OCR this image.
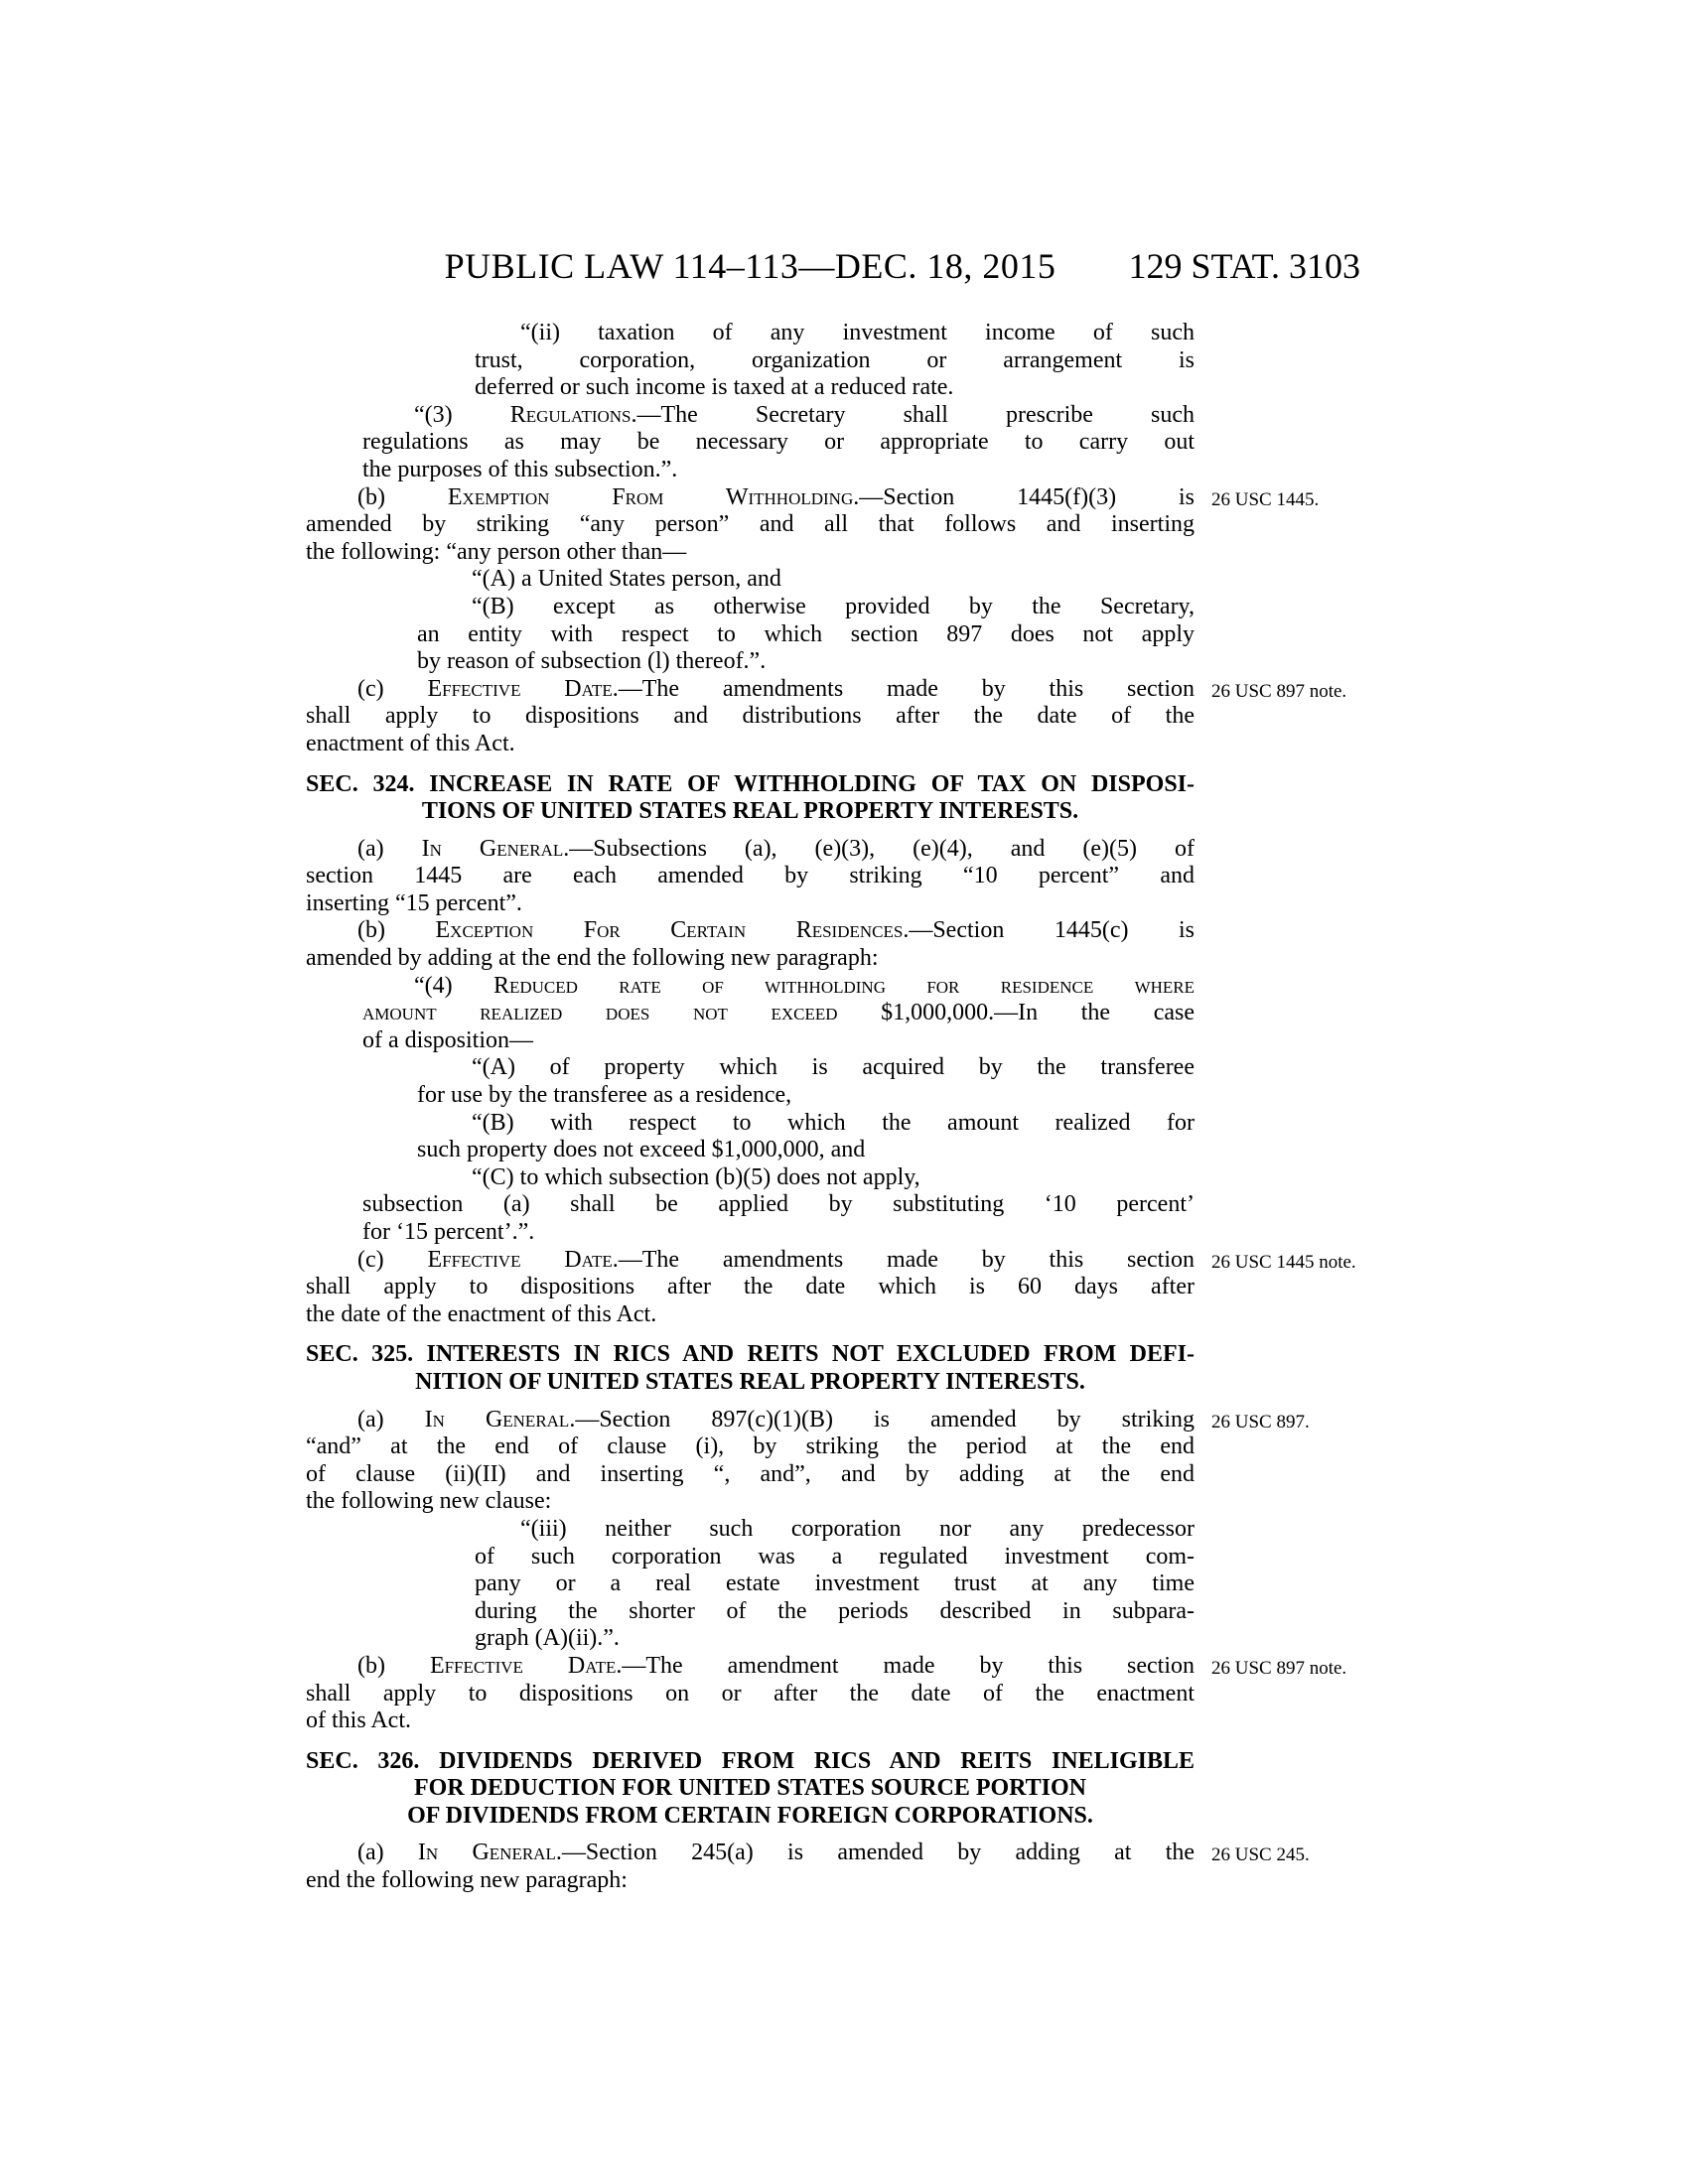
PUBLIC LAW 114–113—DEC. 18, 2015	129 STAT. 3103
“(ii) taxation of any investment income of such
trust, corporation, organization or arrangement is
deferred or such income is taxed at a reduced rate.
“(3) Regulations.—The Secretary shall prescribe such
regulations as may be necessary or appropriate to carry out
the purposes of this subsection.”.
(b) Exemption From Withholding.—Section 1445(f)(3) is
amended by striking “any person” and all that follows and inserting
the following: “any person other than—
26 USC 1445.
“(A) a United States person, and
“(B) except as otherwise provided by the Secretary,
an entity with respect to which section 897 does not apply
by reason of subsection (l) thereof.”.
(c) Effective Date.—The amendments made by this section
shall apply to dispositions and distributions after the date of the
enactment of this Act.
26 USC 897 note.
SEC. 324. INCREASE IN RATE OF WITHHOLDING OF TAX ON DISPOSI-
TIONS OF UNITED STATES REAL PROPERTY INTERESTS.
(a) In General.—Subsections (a), (e)(3), (e)(4), and (e)(5) of
section 1445 are each amended by striking “10 percent” and
inserting “15 percent”.
(b) Exception For Certain Residences.—Section 1445(c) is
amended by adding at the end the following new paragraph:
“(4) Reduced rate of withholding for residence where
amount realized does not exceed $1,000,000.—In the case
of a disposition—
“(A) of property which is acquired by the transferee
for use by the transferee as a residence,
“(B) with respect to which the amount realized for
such property does not exceed $1,000,000, and
“(C) to which subsection (b)(5) does not apply,
subsection (a) shall be applied by substituting ‘10 percent’
for ‘15 percent’.”.
(c) Effective Date.—The amendments made by this section
shall apply to dispositions after the date which is 60 days after
the date of the enactment of this Act.
26 USC 1445 note.
SEC. 325. INTERESTS IN RICS AND REITS NOT EXCLUDED FROM DEFI-
NITION OF UNITED STATES REAL PROPERTY INTERESTS.
(a) In General.—Section 897(c)(1)(B) is amended by striking
“and” at the end of clause (i), by striking the period at the end
of clause (ii)(II) and inserting “, and”, and by adding at the end
the following new clause:
26 USC 897.
“(iii) neither such corporation nor any predecessor
of such corporation was a regulated investment com-
pany or a real estate investment trust at any time
during the shorter of the periods described in subpara-
graph (A)(ii).”.
(b) Effective Date.—The amendment made by this section
shall apply to dispositions on or after the date of the enactment
of this Act.
26 USC 897 note.
SEC. 326. DIVIDENDS DERIVED FROM RICS AND REITS INELIGIBLE
FOR DEDUCTION FOR UNITED STATES SOURCE PORTION
OF DIVIDENDS FROM CERTAIN FOREIGN CORPORATIONS.
(a) In General.—Section 245(a) is amended by adding at the
end the following new paragraph:
26 USC 245.
